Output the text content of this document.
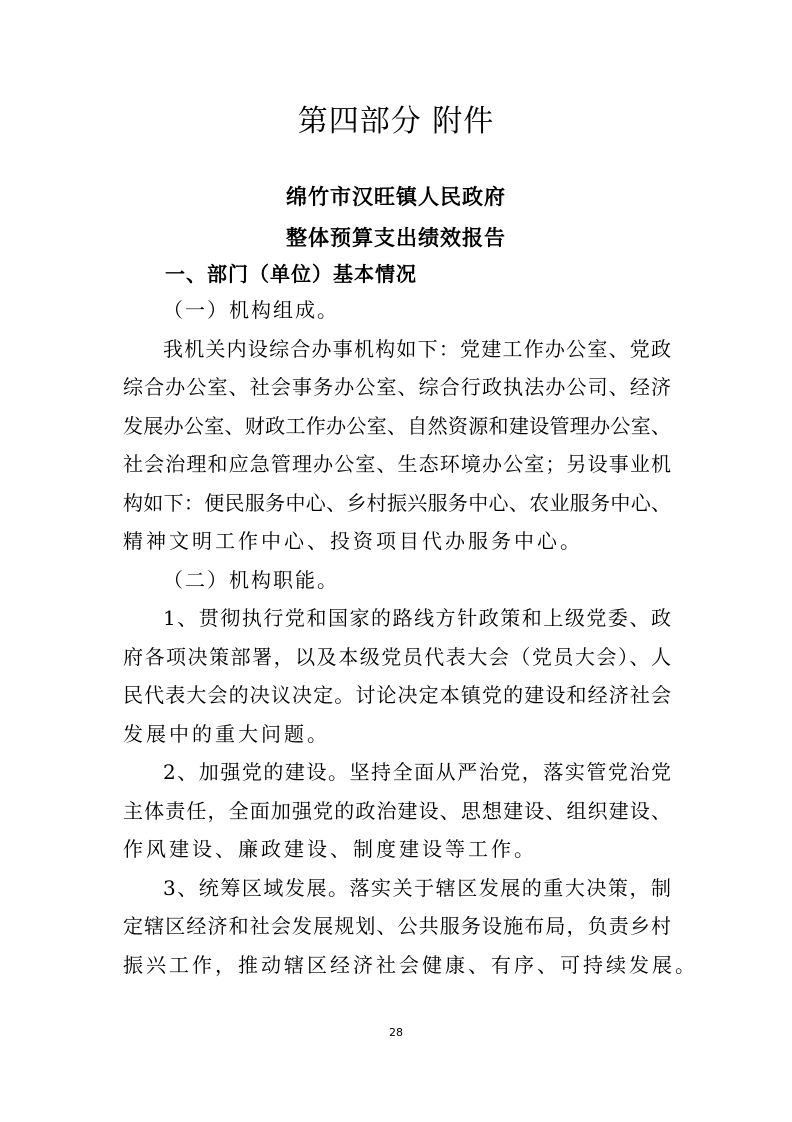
第四部分 附件
绵竹市汉旺镇人民政府
整体预算支出绩效报告
一、部门（单位）基本情况
（一）机构组成。
我机关内设综合办事机构如下：党建工作办公室、党政
综合办公室、社会事务办公室、综合行政执法办公司、经济
发展办公室、财政工作办公室、自然资源和建设管理办公室、
社会治理和应急管理办公室、生态环境办公室；另设事业机
构如下：便民服务中心、乡村振兴服务中心、农业服务中心、
精神文明工作中心、投资项目代办服务中心。
（二）机构职能。
1、贯彻执行党和国家的路线方针政策和上级党委、政
府各项决策部署，以及本级党员代表大会（党员大会）、人
民代表大会的决议决定。讨论决定本镇党的建设和经济社会
发展中的重大问题。
2、加强党的建设。坚持全面从严治党，落实管党治党
主体责任，全面加强党的政治建设、思想建设、组织建设、
作风建设、廉政建设、制度建设等工作。
3、统筹区域发展。落实关于辖区发展的重大决策，制
定辖区经济和社会发展规划、公共服务设施布局，负责乡村
振兴工作，推动辖区经济社会健康、有序、可持续发展。
28
